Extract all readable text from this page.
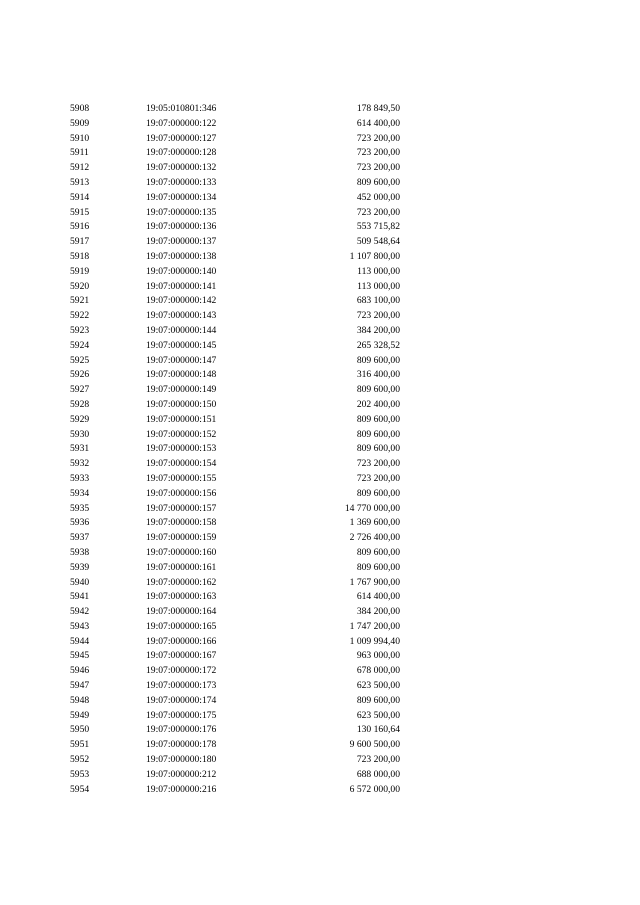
5908	19:05:010801:346	178 849,50
5909	19:07:000000:122	614 400,00
5910	19:07:000000:127	723 200,00
5911	19:07:000000:128	723 200,00
5912	19:07:000000:132	723 200,00
5913	19:07:000000:133	809 600,00
5914	19:07:000000:134	452 000,00
5915	19:07:000000:135	723 200,00
5916	19:07:000000:136	553 715,82
5917	19:07:000000:137	509 548,64
5918	19:07:000000:138	1 107 800,00
5919	19:07:000000:140	113 000,00
5920	19:07:000000:141	113 000,00
5921	19:07:000000:142	683 100,00
5922	19:07:000000:143	723 200,00
5923	19:07:000000:144	384 200,00
5924	19:07:000000:145	265 328,52
5925	19:07:000000:147	809 600,00
5926	19:07:000000:148	316 400,00
5927	19:07:000000:149	809 600,00
5928	19:07:000000:150	202 400,00
5929	19:07:000000:151	809 600,00
5930	19:07:000000:152	809 600,00
5931	19:07:000000:153	809 600,00
5932	19:07:000000:154	723 200,00
5933	19:07:000000:155	723 200,00
5934	19:07:000000:156	809 600,00
5935	19:07:000000:157	14 770 000,00
5936	19:07:000000:158	1 369 600,00
5937	19:07:000000:159	2 726 400,00
5938	19:07:000000:160	809 600,00
5939	19:07:000000:161	809 600,00
5940	19:07:000000:162	1 767 900,00
5941	19:07:000000:163	614 400,00
5942	19:07:000000:164	384 200,00
5943	19:07:000000:165	1 747 200,00
5944	19:07:000000:166	1 009 994,40
5945	19:07:000000:167	963 000,00
5946	19:07:000000:172	678 000,00
5947	19:07:000000:173	623 500,00
5948	19:07:000000:174	809 600,00
5949	19:07:000000:175	623 500,00
5950	19:07:000000:176	130 160,64
5951	19:07:000000:178	9 600 500,00
5952	19:07:000000:180	723 200,00
5953	19:07:000000:212	688 000,00
5954	19:07:000000:216	6 572 000,00
